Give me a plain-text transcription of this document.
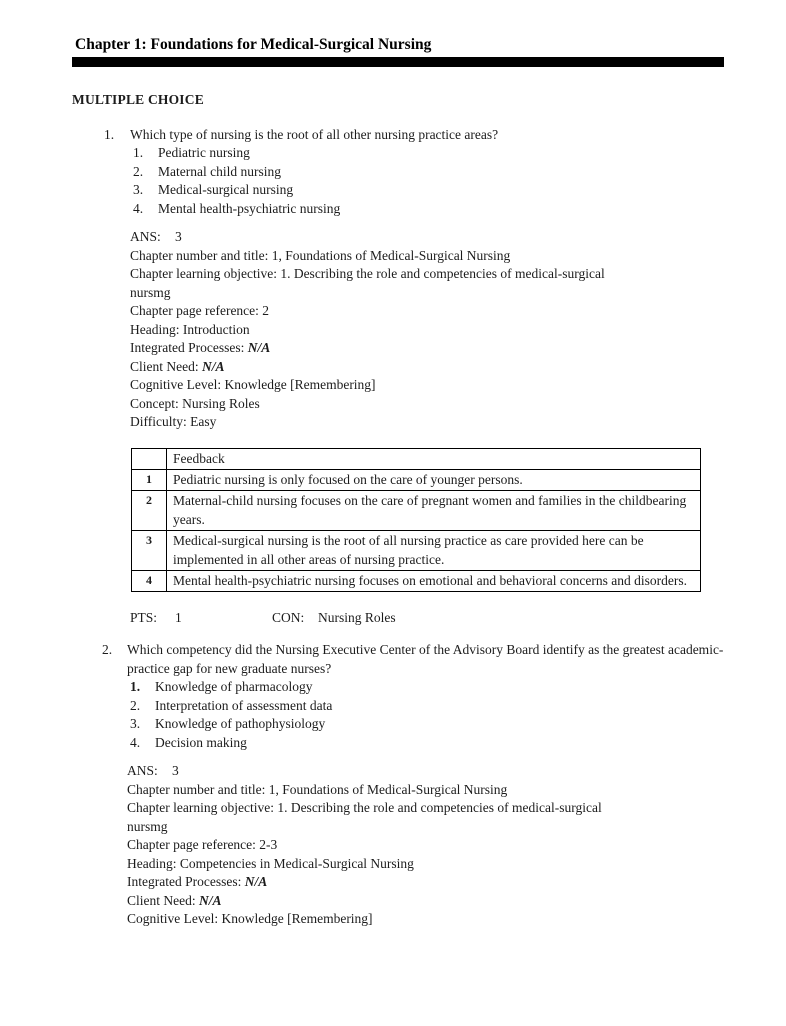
Chapter 1: Foundations for Medical-Surgical Nursing
MULTIPLE CHOICE
1.	Which type of nursing is the root of all other nursing practice areas?
1.	Pediatric nursing
2.	Maternal child nursing
3.	Medical-surgical nursing
4.	Mental health-psychiatric nursing
ANS: 3
Chapter number and title: 1, Foundations of Medical-Surgical Nursing
Chapter learning objective: 1. Describing the role and competencies of medical-surgical
nursmg
Chapter page reference: 2
Heading: Introduction
Integrated Processes: N/A
Client Need: N/A
Cognitive Level: Knowledge [Remembering]
Concept: Nursing Roles
Difficulty: Easy
	Feedback
1	Pediatric nursing is only focused on the care of younger persons.
2	Maternal-child nursing focuses on the care of pregnant women and families in the childbearing years.
3	Medical-surgical nursing is the root of all nursing practice as care provided here can be implemented in all other areas of nursing practice.
4	Mental health-psychiatric nursing focuses on emotional and behavioral concerns and disorders.
PTS: 1	CON: Nursing Roles
2.	Which competency did the Nursing Executive Center of the Advisory Board identify as the greatest academic-practice gap for new graduate nurses?
1.	Knowledge of pharmacology
2.	Interpretation of assessment data
3.	Knowledge of pathophysiology
4.	Decision making
ANS: 3
Chapter number and title: 1, Foundations of Medical-Surgical Nursing
Chapter learning objective: 1. Describing the role and competencies of medical-surgical
nursmg
Chapter page reference: 2-3
Heading: Competencies in Medical-Surgical Nursing
Integrated Processes: N/A
Client Need: N/A
Cognitive Level: Knowledge [Remembering]
